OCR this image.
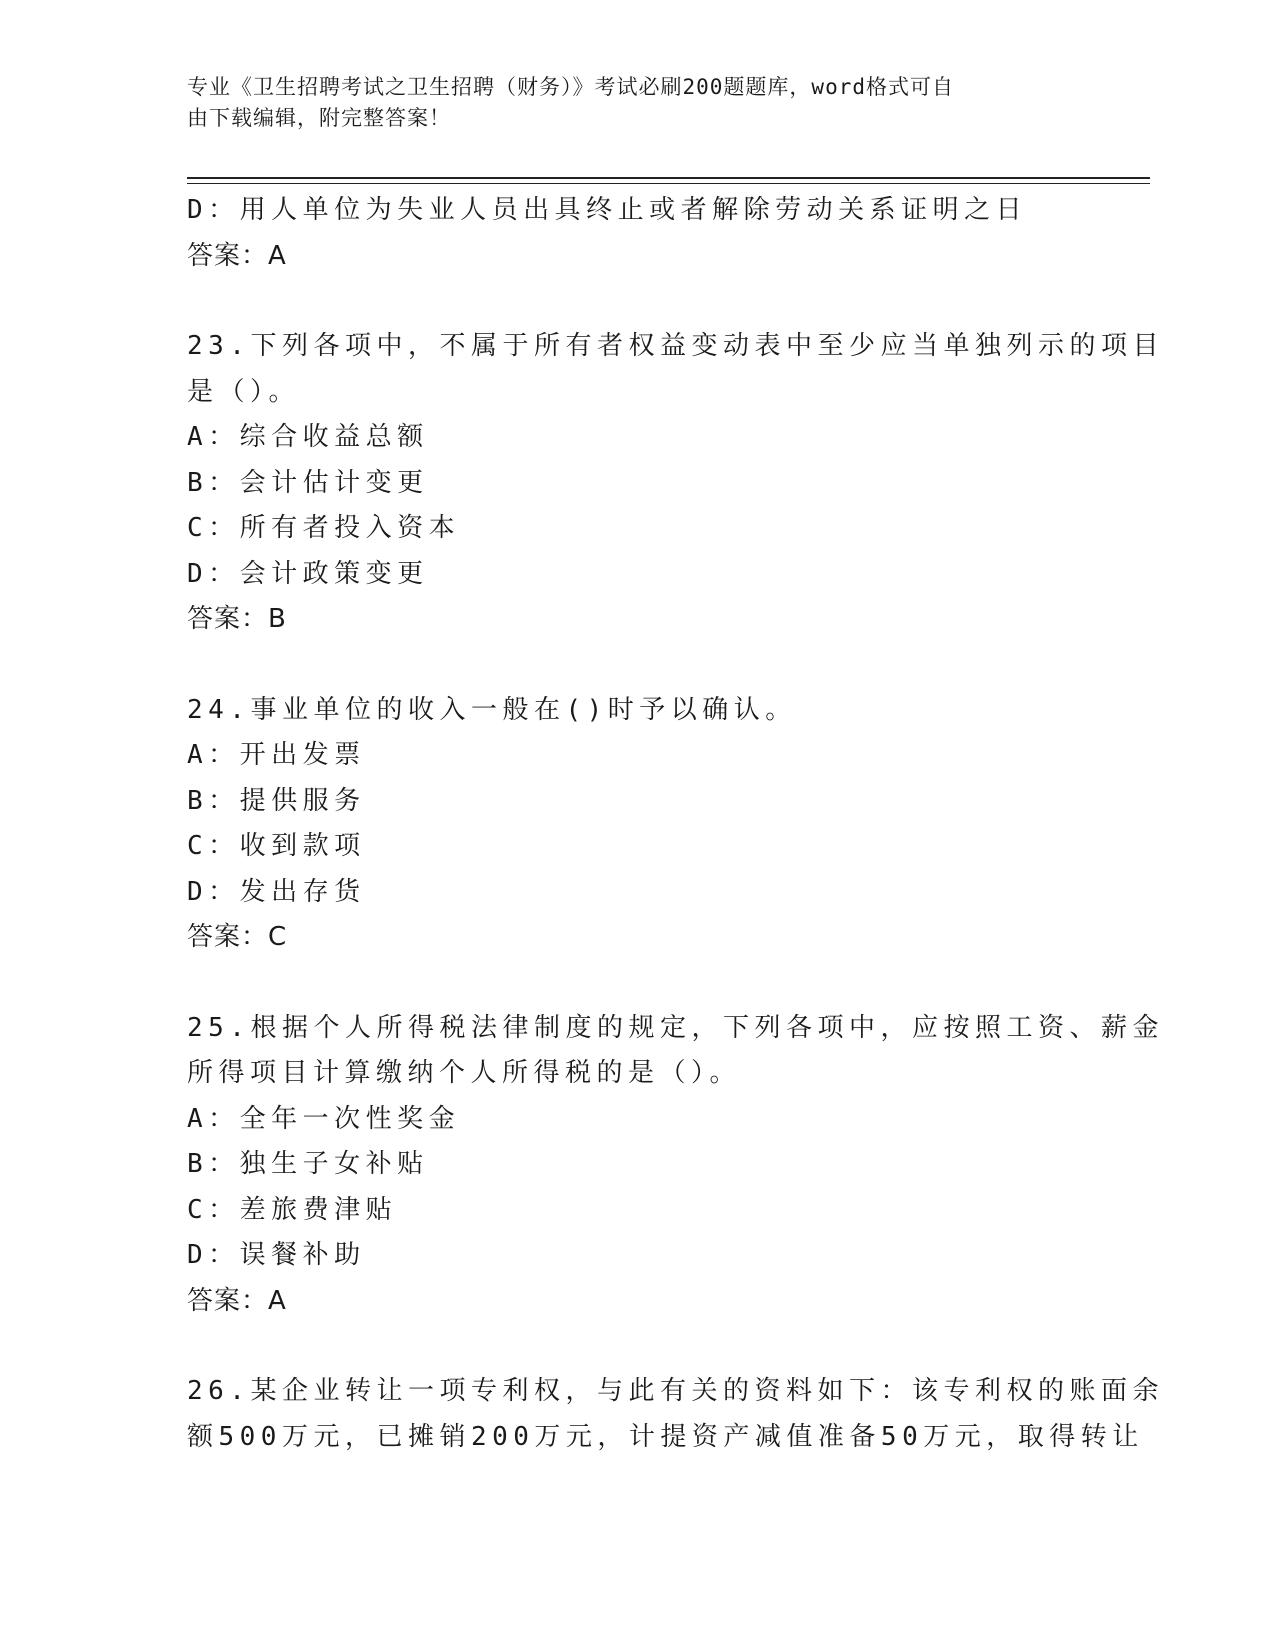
专业《卫生招聘考试之卫生招聘（财务）》考试必刷200题题库，word格式可自
由下载编辑，附完整答案！
D：用人单位为失业人员出具终止或者解除劳动关系证明之日
答案：A
23.下列各项中，不属于所有者权益变动表中至少应当单独列示的项目
是（）。
A：综合收益总额
B：会计估计变更
C：所有者投入资本
D：会计政策变更
答案：B
24.事业单位的收入一般在()时予以确认。
A：开出发票
B：提供服务
C：收到款项
D：发出存货
答案：C
25.根据个人所得税法律制度的规定，下列各项中，应按照工资、薪金
所得项目计算缴纳个人所得税的是（）。
A：全年一次性奖金
B：独生子女补贴
C：差旅费津贴
D：误餐补助
答案：A
26.某企业转让一项专利权，与此有关的资料如下：该专利权的账面余
额500万元，已摊销200万元，计提资产减值准备50万元，取得转让
